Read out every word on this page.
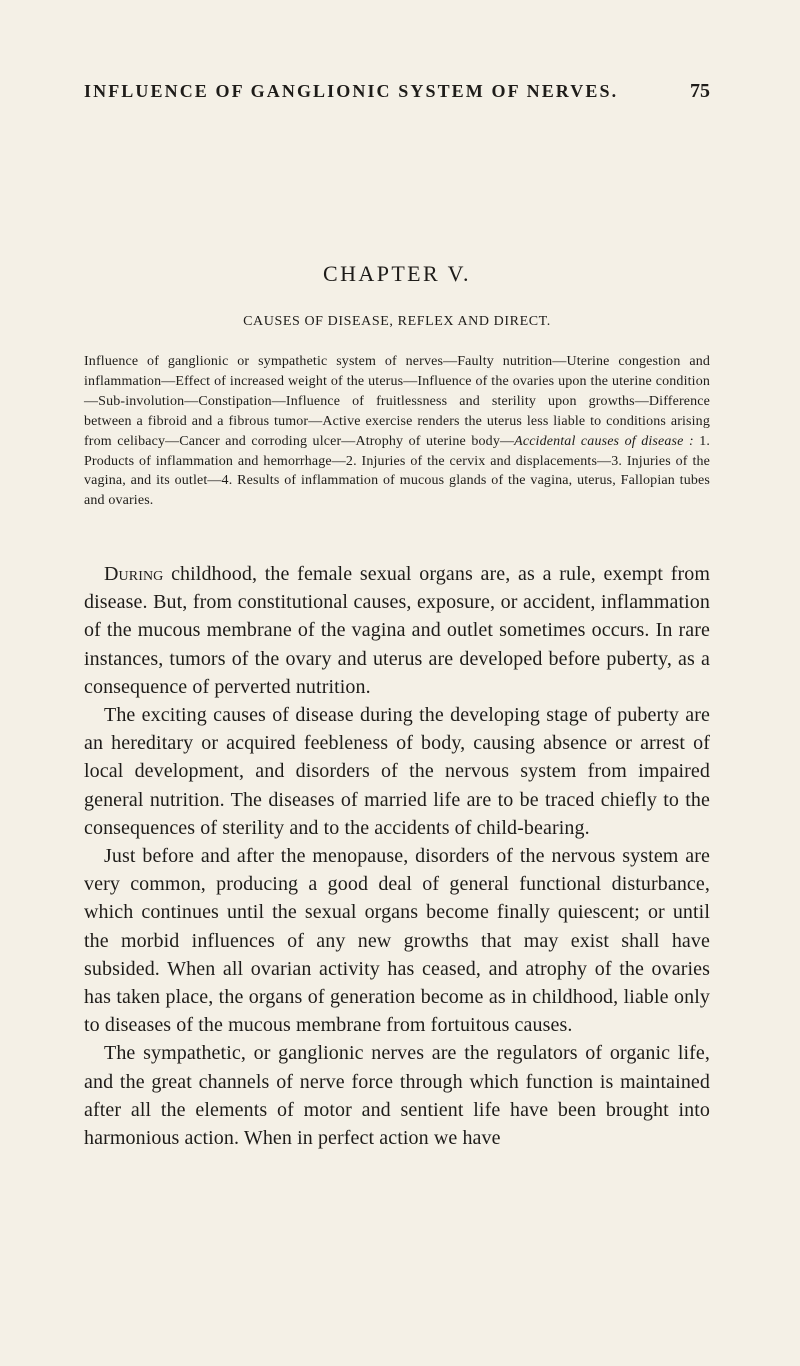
INFLUENCE OF GANGLIONIC SYSTEM OF NERVES.	75
CHAPTER V.
CAUSES OF DISEASE, REFLEX AND DIRECT.

Influence of ganglionic or sympathetic system of nerves—Faulty nutrition—Uterine congestion and inflammation—Effect of increased weight of the uterus—Influence of the ovaries upon the uterine condition—Sub-involution—Constipation—Influence of fruitlessness and sterility upon growths—Difference between a fibroid and a fibrous tumor—Active exercise renders the uterus less liable to conditions arising from celibacy—Cancer and corroding ulcer—Atrophy of uterine body—Accidental causes of disease : 1. Products of inflammation and hemorrhage—2. Injuries of the cervix and displacements—3. Injuries of the vagina, and its outlet—4. Results of inflammation of mucous glands of the vagina, uterus, Fallopian tubes and ovaries.

During childhood, the female sexual organs are, as a rule, exempt from disease. But, from constitutional causes, exposure, or accident, inflammation of the mucous membrane of the vagina and outlet sometimes occurs. In rare instances, tumors of the ovary and uterus are developed before puberty, as a consequence of perverted nutrition.

The exciting causes of disease during the developing stage of puberty are an hereditary or acquired feebleness of body, causing absence or arrest of local development, and disorders of the nervous system from impaired general nutrition. The diseases of married life are to be traced chiefly to the consequences of sterility and to the accidents of child-bearing.

Just before and after the menopause, disorders of the nervous system are very common, producing a good deal of general functional disturbance, which continues until the sexual organs become finally quiescent; or until the morbid influences of any new growths that may exist shall have subsided. When all ovarian activity has ceased, and atrophy of the ovaries has taken place, the organs of generation become as in childhood, liable only to diseases of the mucous membrane from fortuitous causes.

The sympathetic, or ganglionic nerves are the regulators of organic life, and the great channels of nerve force through which function is maintained after all the elements of motor and sentient life have been brought into harmonious action. When in perfect action we have
